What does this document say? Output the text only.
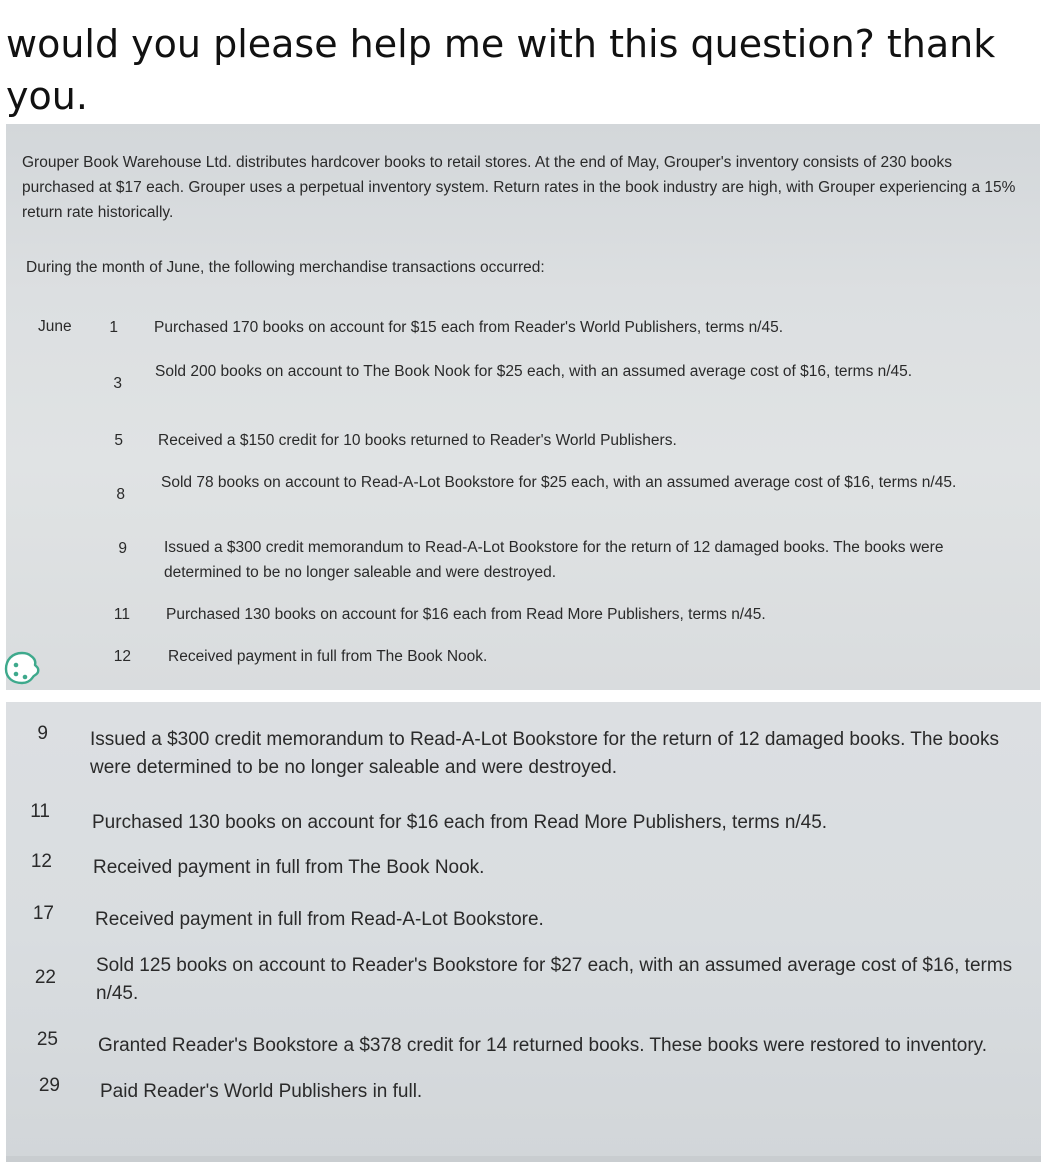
would you please help me with this question? thank you.
Grouper Book Warehouse Ltd. distributes hardcover books to retail stores. At the end of May, Grouper's inventory consists of 230 books purchased at $17 each. Grouper uses a perpetual inventory system. Return rates in the book industry are high, with Grouper experiencing a 15% return rate historically.
During the month of June, the following merchandise transactions occurred:
June	1 Purchased 170 books on account for $15 each from Reader's World Publishers, terms n/45.
3
Sold 200 books on account to The Book Nook for $25 each, with an assumed average cost of $16, terms n/45.
5 Received a $150 credit for 10 books returned to Reader's World Publishers.
8
Sold 78 books on account to Read-A-Lot Bookstore for $25 each, with an assumed average cost of $16, terms n/45.
9 Issued a $300 credit memorandum to Read-A-Lot Bookstore for the return of 12 damaged books. The books were determined to be no longer saleable and were destroyed.
11 Purchased 130 books on account for $16 each from Read More Publishers, terms n/45.
12 Received payment in full from The Book Nook.
9 Issued a $300 credit memorandum to Read-A-Lot Bookstore for the return of 12 damaged books. The books were determined to be no longer saleable and were destroyed.
11
Purchased 130 books on account for $16 each from Read More Publishers, terms n/45.
12 Received payment in full from The Book Nook.
17 Received payment in full from Read-A-Lot Bookstore.
22
Sold 125 books on account to Reader's Bookstore for $27 each, with an assumed average cost of $16, terms n/45.
25 Granted Reader's Bookstore a $378 credit for 14 returned books. These books were restored to inventory.
29 Paid Reader's World Publishers in full.
